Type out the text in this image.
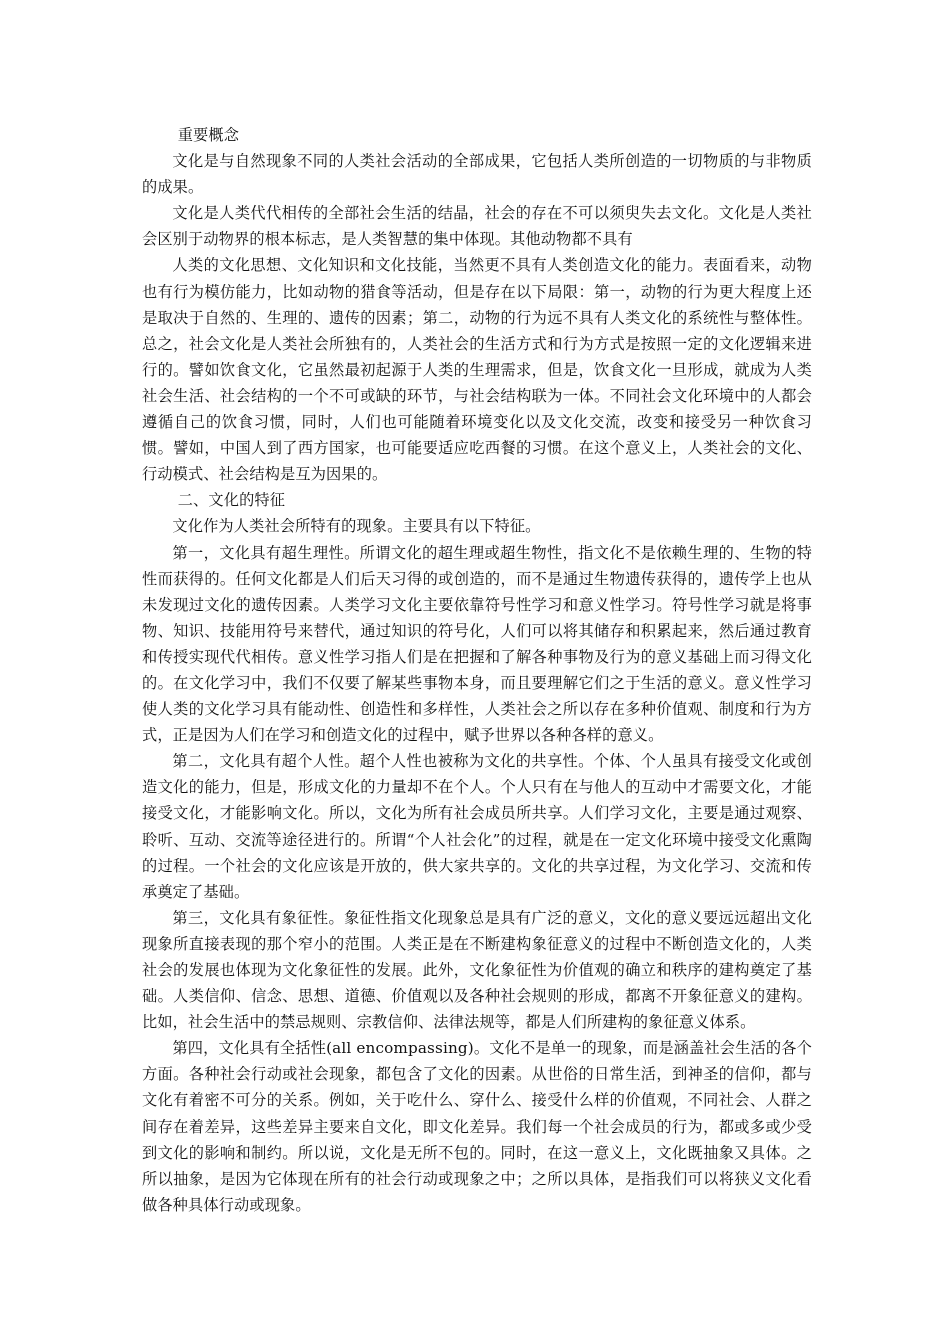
重要概念

文化是与自然现象不同的人类社会活动的全部成果，它包括人类所创造的一切物质的与非物质的成果。

文化是人类代代相传的全部社会生活的结晶，社会的存在不可以须臾失去文化。文化是人类社会区别于动物界的根本标志，是人类智慧的集中体现。其他动物都不具有

人类的文化思想、文化知识和文化技能，当然更不具有人类创造文化的能力。表面看来，动物也有行为模仿能力，比如动物的猎食等活动，但是存在以下局限：第一，动物的行为更大程度上还是取决于自然的、生理的、遗传的因素；第二，动物的行为远不具有人类文化的系统性与整体性。总之，社会文化是人类社会所独有的，人类社会的生活方式和行为方式是按照一定的文化逻辑来进行的。譬如饮食文化，它虽然最初起源于人类的生理需求，但是，饮食文化一旦形成，就成为人类社会生活、社会结构的一个不可或缺的环节，与社会结构联为一体。不同社会文化环境中的人都会遵循自己的饮食习惯，同时，人们也可能随着环境变化以及文化交流，改变和接受另一种饮食习惯。譬如，中国人到了西方国家，也可能要适应吃西餐的习惯。在这个意义上，人类社会的文化、行动模式、社会结构是互为因果的。

二、文化的特征

文化作为人类社会所特有的现象。主要具有以下特征。

第一，文化具有超生理性。所谓文化的超生理或超生物性，指文化不是依赖生理的、生物的特性而获得的。任何文化都是人们后天习得的或创造的，而不是通过生物遗传获得的，遗传学上也从未发现过文化的遗传因素。人类学习文化主要依靠符号性学习和意义性学习。符号性学习就是将事物、知识、技能用符号来替代，通过知识的符号化，人们可以将其储存和积累起来，然后通过教育和传授实现代代相传。意义性学习指人们是在把握和了解各种事物及行为的意义基础上而习得文化的。在文化学习中，我们不仅要了解某些事物本身，而且要理解它们之于生活的意义。意义性学习使人类的文化学习具有能动性、创造性和多样性，人类社会之所以存在多种价值观、制度和行为方式，正是因为人们在学习和创造文化的过程中，赋予世界以各种各样的意义。

第二，文化具有超个人性。超个人性也被称为文化的共享性。个体、个人虽具有接受文化或创造文化的能力，但是，形成文化的力量却不在个人。个人只有在与他人的互动中才需要文化，才能接受文化，才能影响文化。所以，文化为所有社会成员所共享。人们学习文化，主要是通过观察、聆听、互动、交流等途径进行的。所谓“个人社会化”的过程，就是在一定文化环境中接受文化熏陶的过程。一个社会的文化应该是开放的，供大家共享的。文化的共享过程，为文化学习、交流和传承奠定了基础。

第三，文化具有象征性。象征性指文化现象总是具有广泛的意义，文化的意义要远远超出文化现象所直接表现的那个窄小的范围。人类正是在不断建构象征意义的过程中不断创造文化的，人类社会的发展也体现为文化象征性的发展。此外，文化象征性为价值观的确立和秩序的建构奠定了基础。人类信仰、信念、思想、道德、价值观以及各种社会规则的形成，都离不开象征意义的建构。比如，社会生活中的禁忌规则、宗教信仰、法律法规等，都是人们所建构的象征意义体系。

第四，文化具有全括性(all encompassing)。文化不是单一的现象，而是涵盖社会生活的各个方面。各种社会行动或社会现象，都包含了文化的因素。从世俗的日常生活，到神圣的信仰，都与文化有着密不可分的关系。例如，关于吃什么、穿什么、接受什么样的价值观，不同社会、人群之间存在着差异，这些差异主要来自文化，即文化差异。我们每一个社会成员的行为，都或多或少受到文化的影响和制约。所以说，文化是无所不包的。同时，在这一意义上，文化既抽象又具体。之所以抽象，是因为它体现在所有的社会行动或现象之中；之所以具体，是指我们可以将狭义文化看做各种具体行动或现象。
